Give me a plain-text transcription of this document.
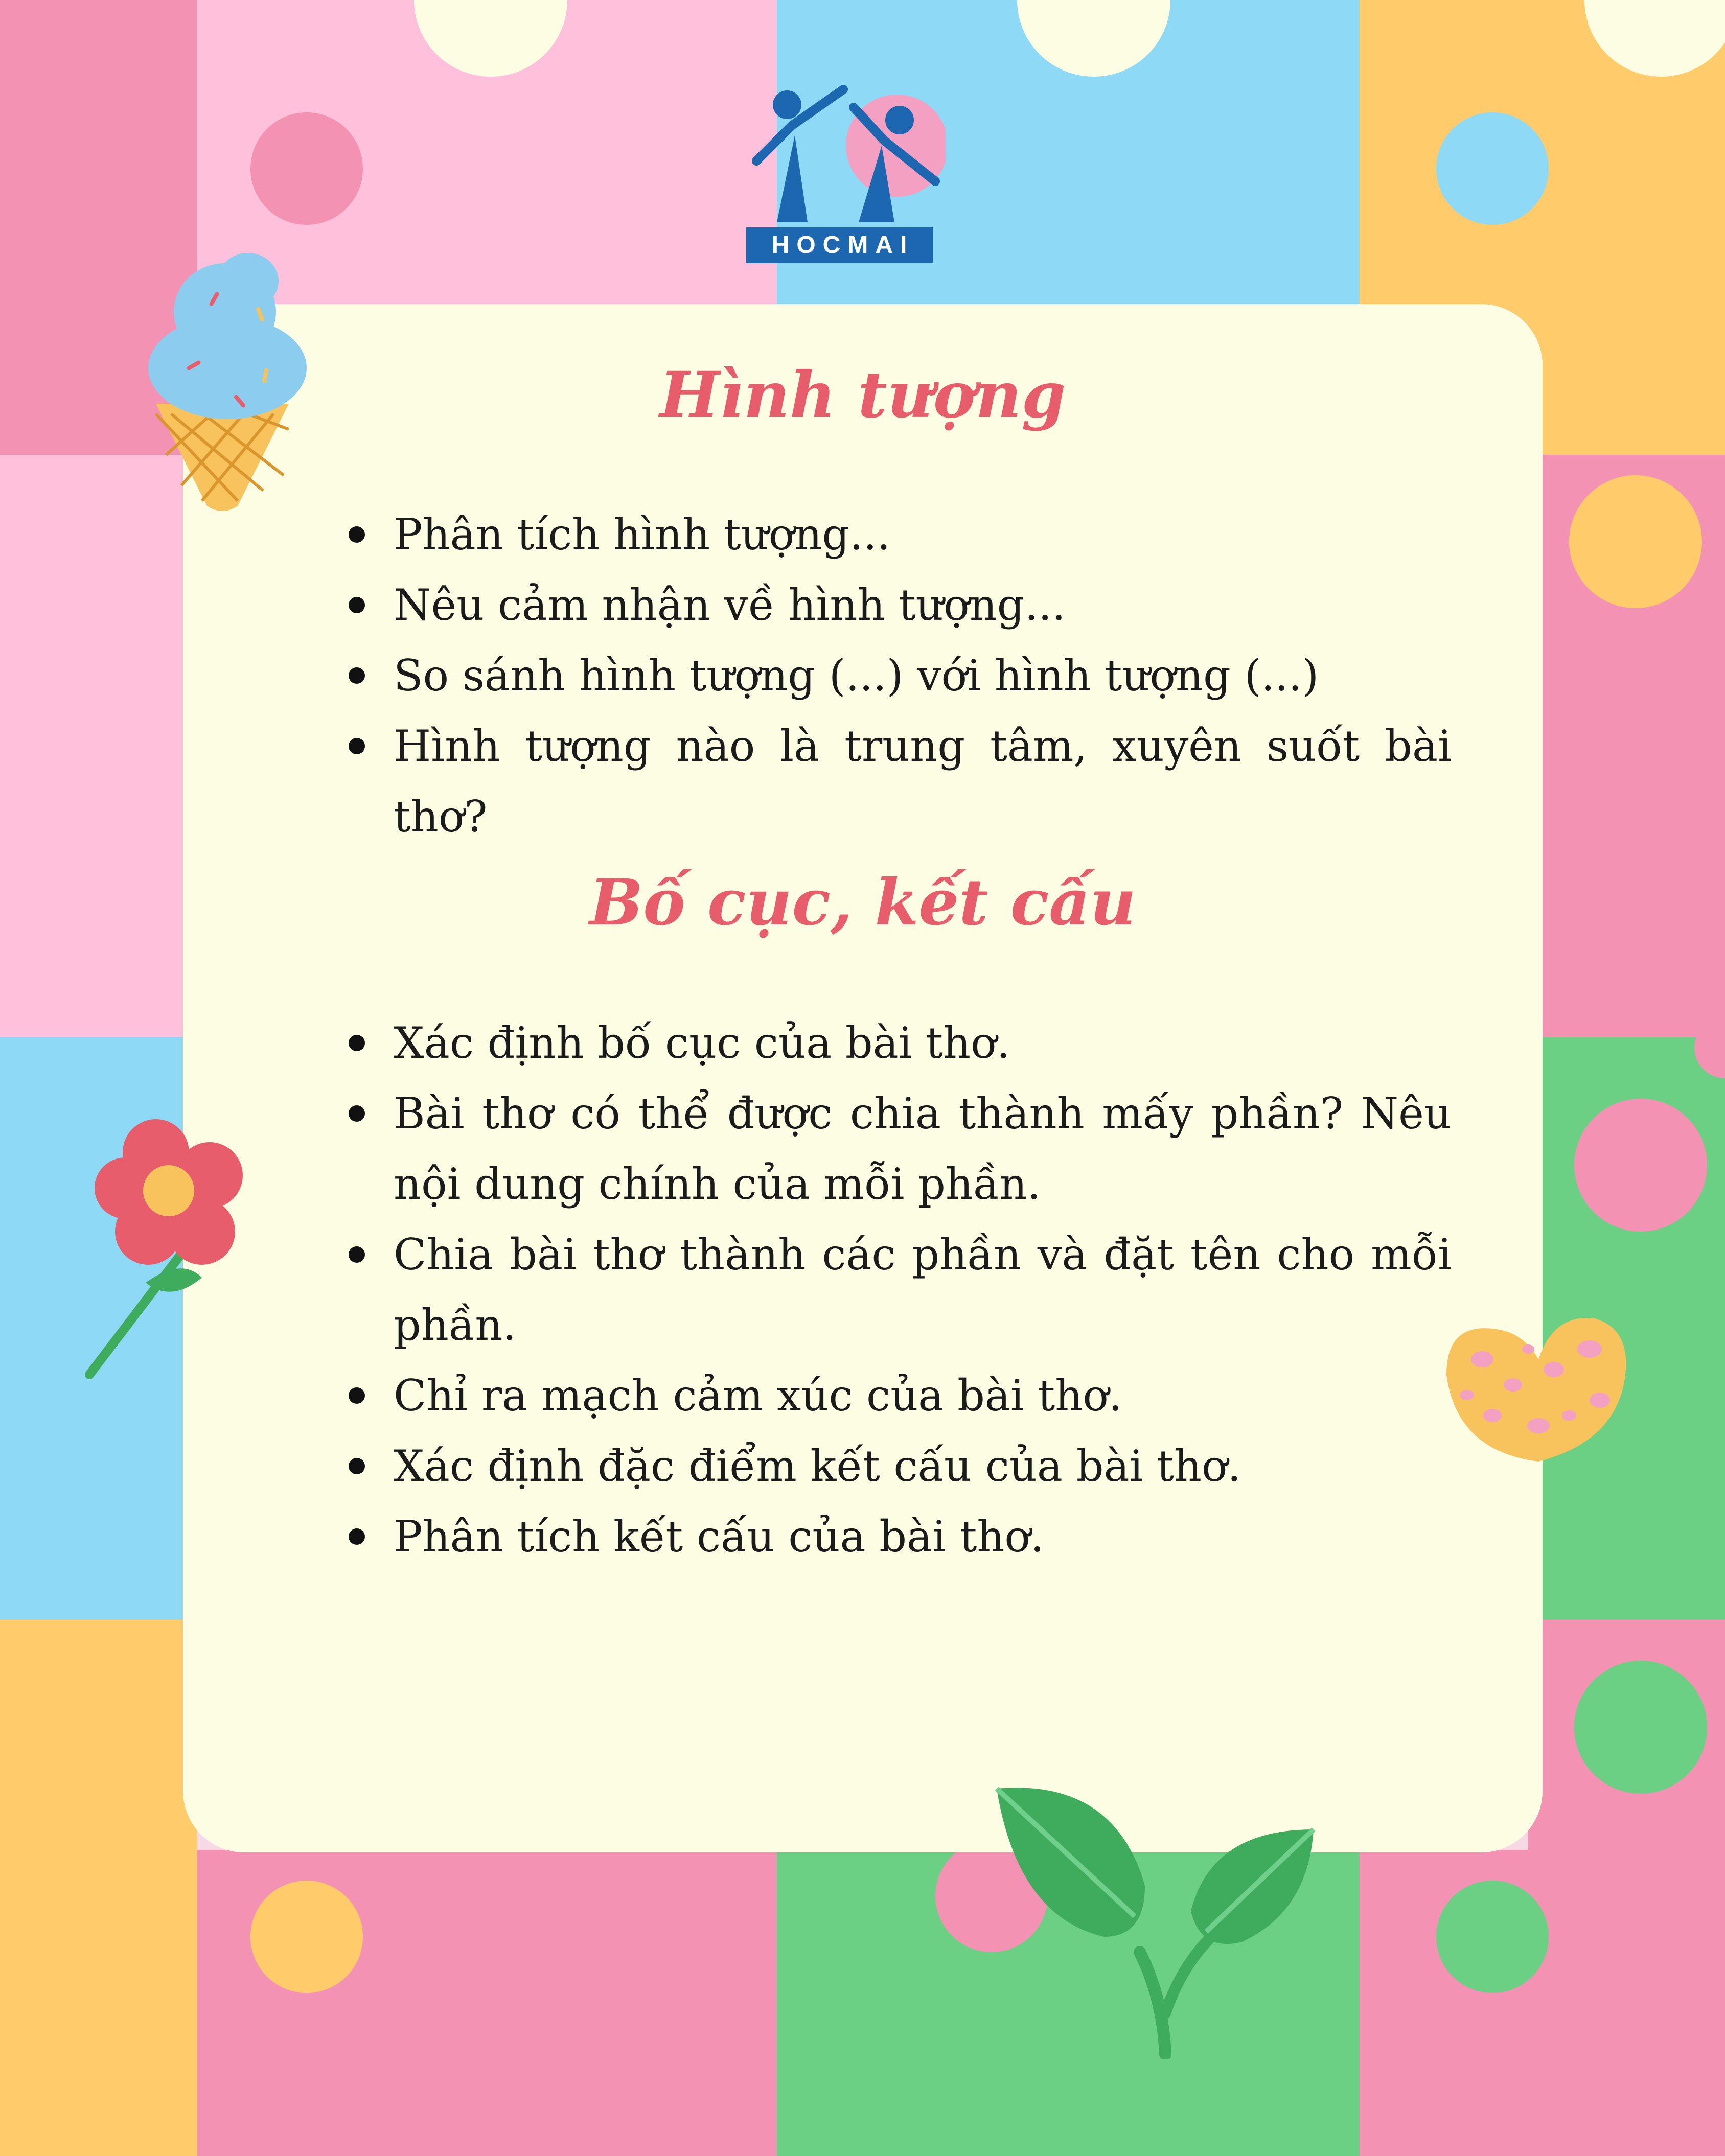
HOCMAI
Hình tượng
Phân tích hình tượng...
Nêu cảm nhận về hình tượng...
So sánh hình tượng (...) với hình tượng (...)
Hình tượng nào là trung tâm, xuyên suốt bài thơ?
Bố cục, kết cấu
Xác định bố cục của bài thơ.
Bài thơ có thể được chia thành mấy phần? Nêu nội dung chính của mỗi phần.
Chia bài thơ thành các phần và đặt tên cho mỗi phần.
Chỉ ra mạch cảm xúc của bài thơ.
Xác định đặc điểm kết cấu của bài thơ.
Phân tích kết cấu của bài thơ.
